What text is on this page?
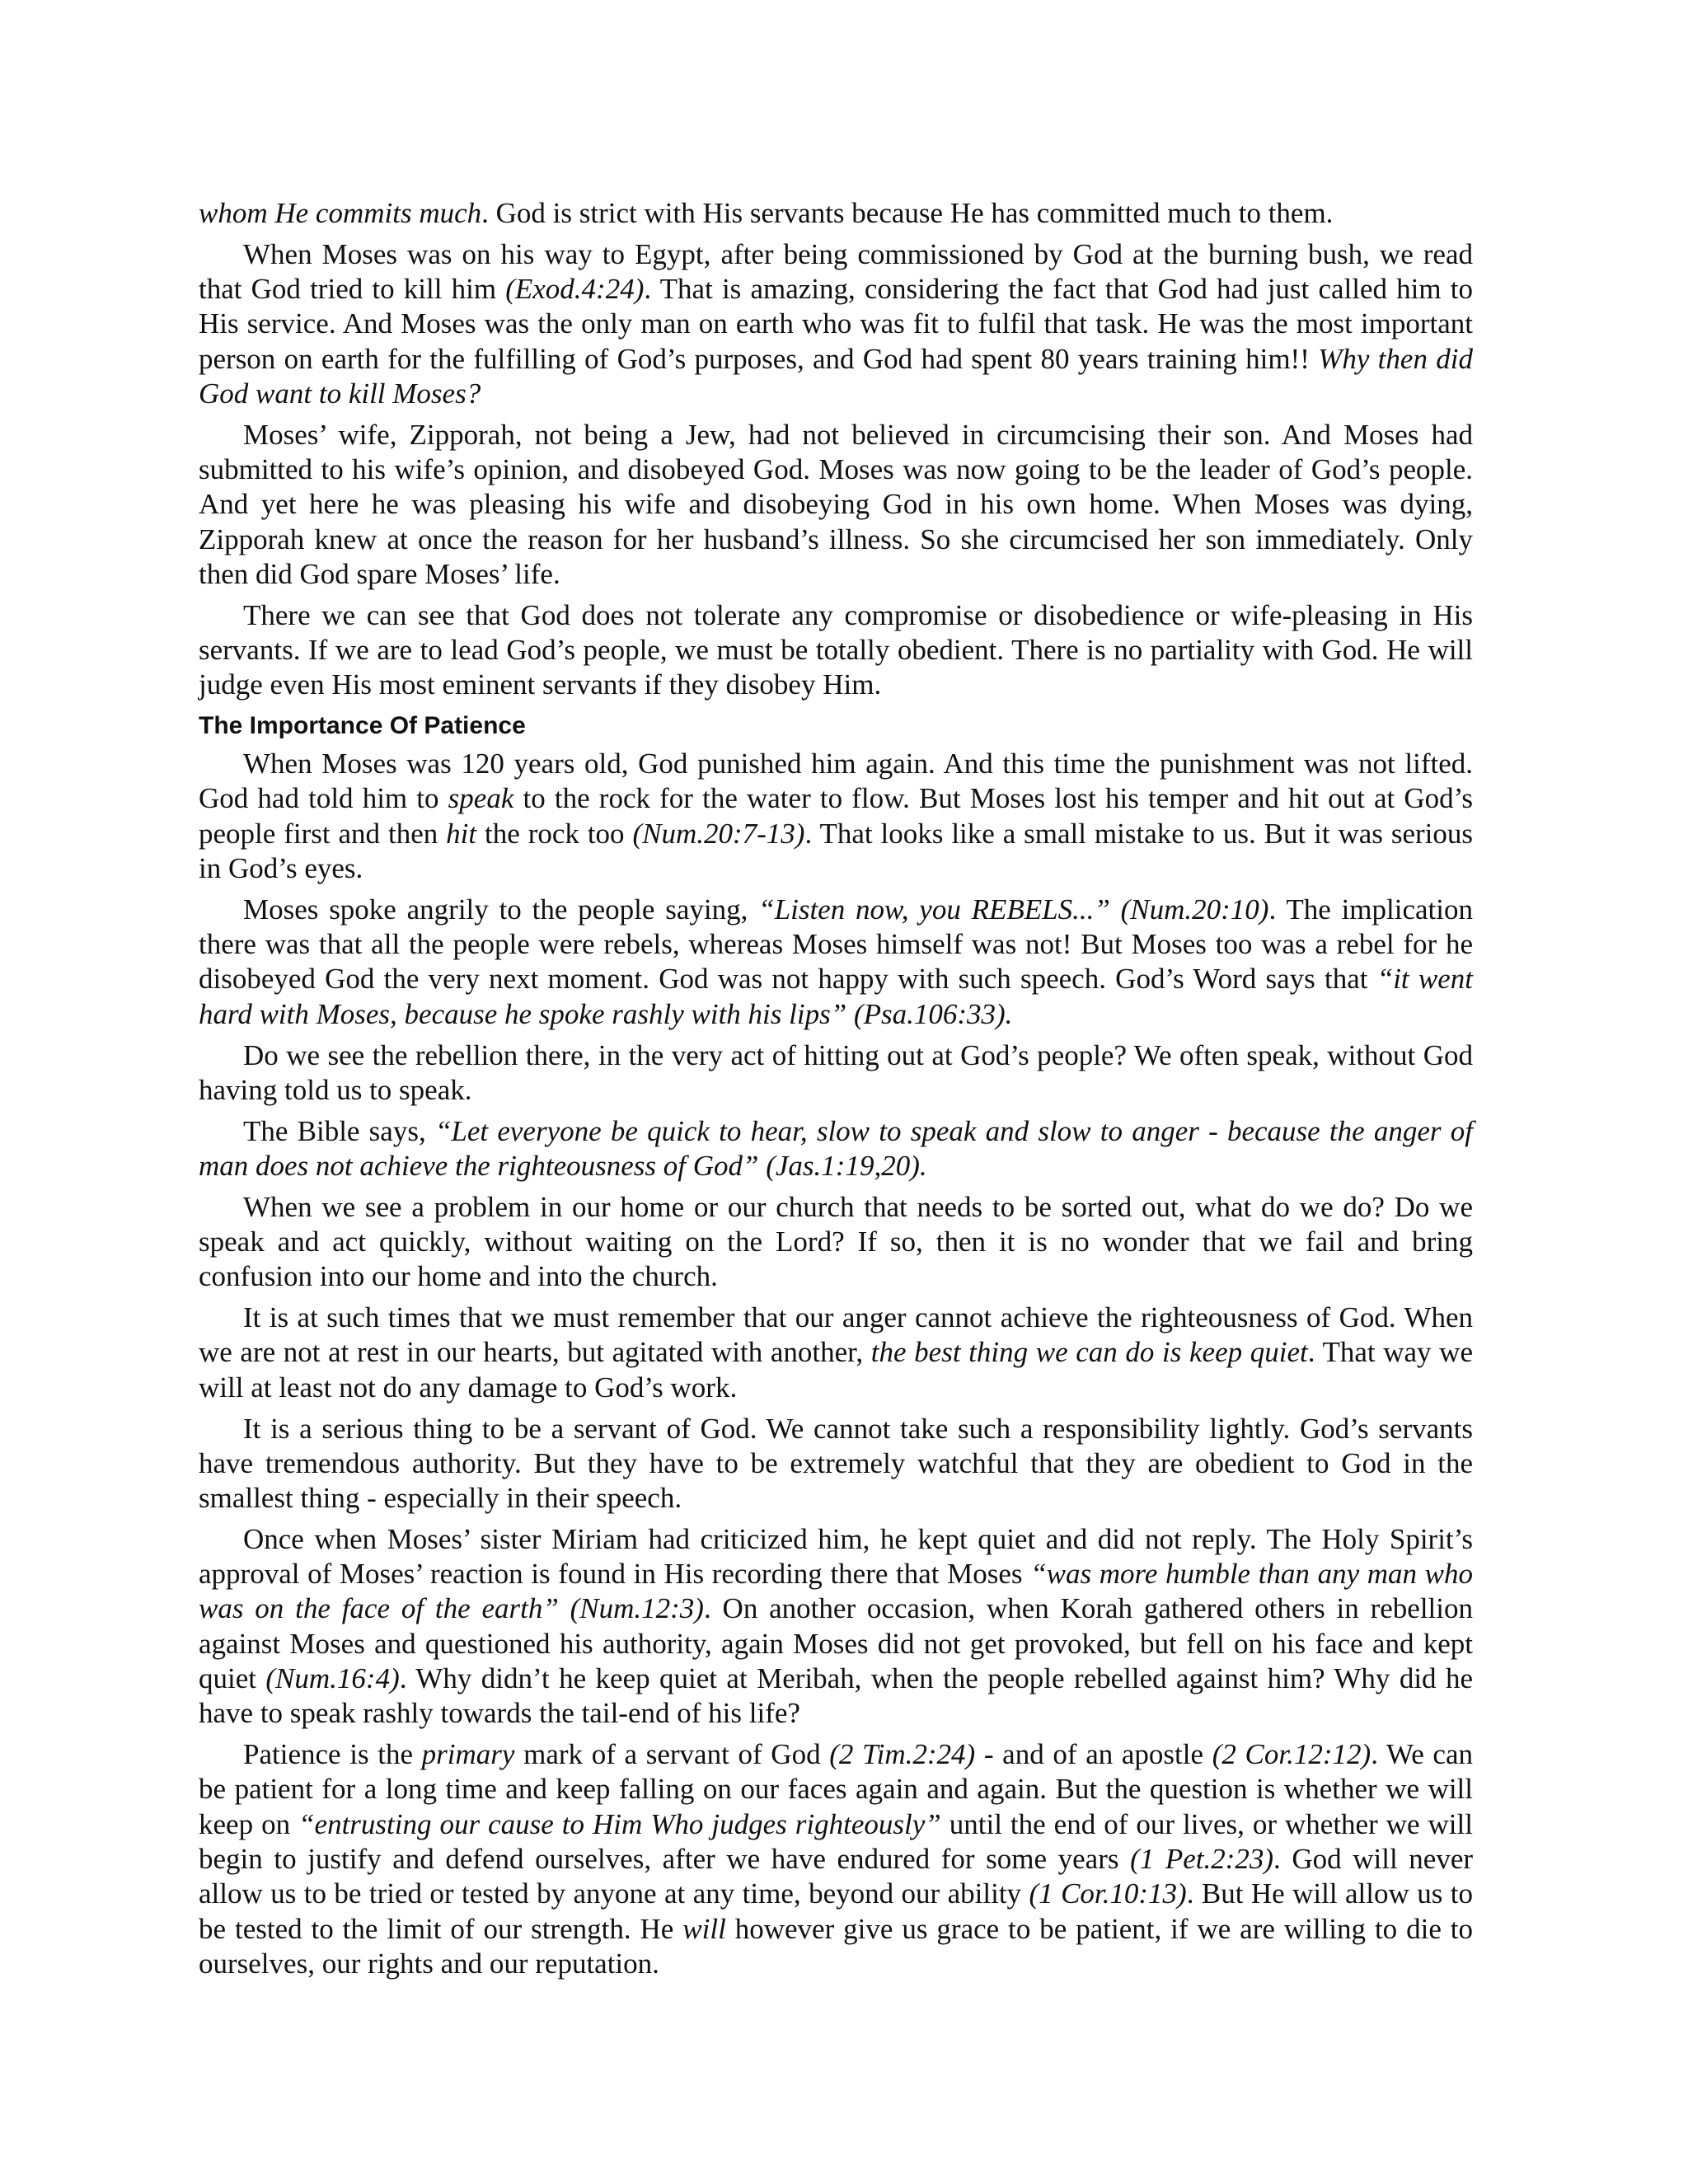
whom He commits much. God is strict with His servants because He has committed much to them.

When Moses was on his way to Egypt, after being commissioned by God at the burning bush, we read that God tried to kill him (Exod.4:24). That is amazing, considering the fact that God had just called him to His service. And Moses was the only man on earth who was fit to fulfil that task. He was the most important person on earth for the fulfilling of God’s purposes, and God had spent 80 years training him!! Why then did God want to kill Moses?

Moses’ wife, Zipporah, not being a Jew, had not believed in circumcising their son. And Moses had submitted to his wife’s opinion, and disobeyed God. Moses was now going to be the leader of God’s people. And yet here he was pleasing his wife and disobeying God in his own home. When Moses was dying, Zipporah knew at once the reason for her husband’s illness. So she circumcised her son immediately. Only then did God spare Moses’ life.

There we can see that God does not tolerate any compromise or disobedience or wife-pleasing in His servants. If we are to lead God’s people, we must be totally obedient. There is no partiality with God. He will judge even His most eminent servants if they disobey Him.

The Importance Of Patience

When Moses was 120 years old, God punished him again. And this time the punishment was not lifted. God had told him to speak to the rock for the water to flow. But Moses lost his temper and hit out at God’s people first and then hit the rock too (Num.20:7-13). That looks like a small mistake to us. But it was serious in God’s eyes.

Moses spoke angrily to the people saying, “Listen now, you REBELS...” (Num.20:10). The implication there was that all the people were rebels, whereas Moses himself was not! But Moses too was a rebel for he disobeyed God the very next moment. God was not happy with such speech. God’s Word says that “it went hard with Moses, because he spoke rashly with his lips” (Psa.106:33).

Do we see the rebellion there, in the very act of hitting out at God’s people? We often speak, without God having told us to speak.

The Bible says, “Let everyone be quick to hear, slow to speak and slow to anger - because the anger of man does not achieve the righteousness of God” (Jas.1:19,20).

When we see a problem in our home or our church that needs to be sorted out, what do we do? Do we speak and act quickly, without waiting on the Lord? If so, then it is no wonder that we fail and bring confusion into our home and into the church.

It is at such times that we must remember that our anger cannot achieve the righteousness of God. When we are not at rest in our hearts, but agitated with another, the best thing we can do is keep quiet. That way we will at least not do any damage to God’s work.

It is a serious thing to be a servant of God. We cannot take such a responsibility lightly. God’s servants have tremendous authority. But they have to be extremely watchful that they are obedient to God in the smallest thing - especially in their speech.

Once when Moses’ sister Miriam had criticized him, he kept quiet and did not reply. The Holy Spirit’s approval of Moses’ reaction is found in His recording there that Moses “was more humble than any man who was on the face of the earth” (Num.12:3). On another occasion, when Korah gathered others in rebellion against Moses and questioned his authority, again Moses did not get provoked, but fell on his face and kept quiet (Num.16:4). Why didn’t he keep quiet at Meribah, when the people rebelled against him? Why did he have to speak rashly towards the tail-end of his life?

Patience is the primary mark of a servant of God (2 Tim.2:24) - and of an apostle (2 Cor.12:12). We can be patient for a long time and keep falling on our faces again and again. But the question is whether we will keep on “entrusting our cause to Him Who judges righteously” until the end of our lives, or whether we will begin to justify and defend ourselves, after we have endured for some years (1 Pet.2:23). God will never allow us to be tried or tested by anyone at any time, beyond our ability (1 Cor.10:13). But He will allow us to be tested to the limit of our strength. He will however give us grace to be patient, if we are willing to die to ourselves, our rights and our reputation.
